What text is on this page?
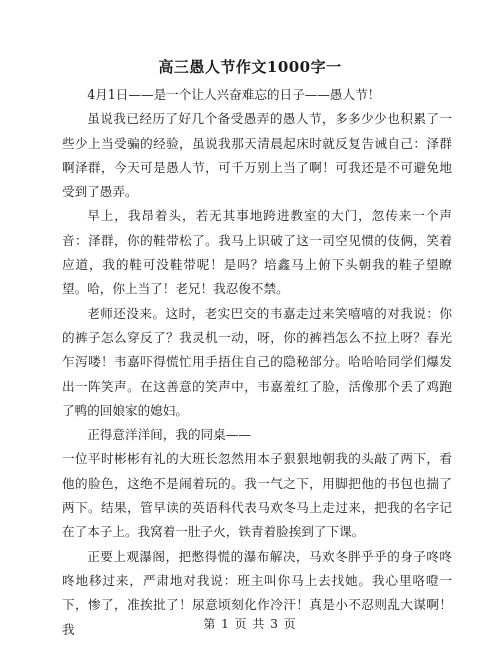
高三愚人节作文1000字一

4月1日——是一个让人兴奋难忘的日子——愚人节！

虽说我已经历了好几个备受愚弄的愚人节，多多少少也积累了一些少上当受骗的经验，虽说我那天清晨起床时就反复告诫自己：泽群啊泽群，今天可是愚人节，可千万别上当了啊！可我还是不可避免地受到了愚弄。

早上，我昂着头，若无其事地跨进教室的大门，忽传来一个声音：泽群，你的鞋带松了。我马上识破了这一司空见惯的伎俩，笑着应道，我的鞋可没鞋带呢！是吗？培鑫马上俯下头朝我的鞋子望瞭望。哈，你上当了！老兄！我忍俊不禁。

老师还没来。这时，老实巴交的韦嘉走过来笑嘻嘻的对我说：你的裤子怎么穿反了？我灵机一动，呀，你的裤裆怎么不拉上呀？春光乍泻喽！韦嘉吓得慌忙用手捂住自己的隐秘部分。哈哈哈同学们爆发出一阵笑声。在这善意的笑声中，韦嘉羞红了脸，活像那个丢了鸡跑了鸭的回娘家的媳妇。

正得意洋洋间，我的同桌——

一位平时彬彬有礼的大班长忽然用本子狠狠地朝我的头敲了两下，看他的脸色，这绝不是闹着玩的。我一气之下，用脚把他的书包也揣了两下。结果，管早读的英语科代表马欢冬马上走过来，把我的名字记在了本子上。我窝着一肚子火，铁青着脸挨到了下课。

正要上观瀑阁，把憋得慌的瀑布解决，马欢冬胖乎乎的身子咚咚咚地移过来，严肃地对我说：班主叫你马上去找她。我心里咯噔一下，惨了，准挨批了！尿意顷刻化作冷汗！真是小不忍则乱大谋啊！我	第 1 页 共 3 页
